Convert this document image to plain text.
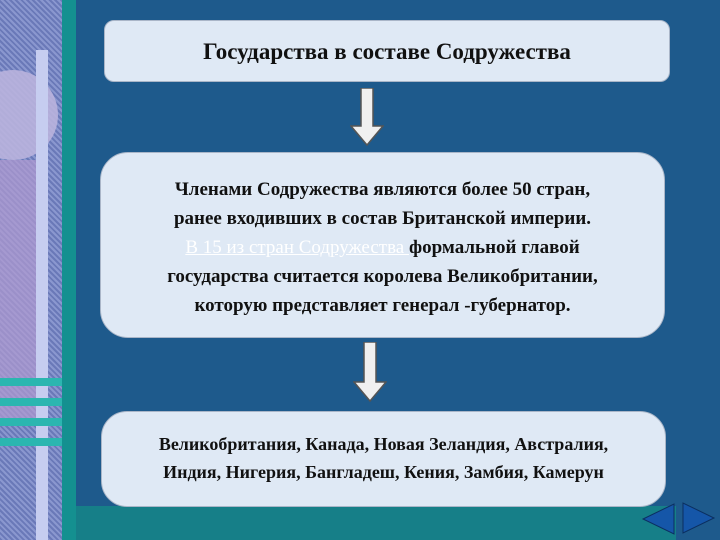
Государства в составе Содружества
Членами Содружества являются более 50 стран,
ранее входивших в состав Британской империи.
В 15 из стран Содружества формальной главой
государства считается королева Великобритании,
которую представляет генерал -губернатор.
Великобритания, Канада, Новая Зеландия, Австралия,
Индия, Нигерия, Бангладеш, Кения, Замбия, Камерун
